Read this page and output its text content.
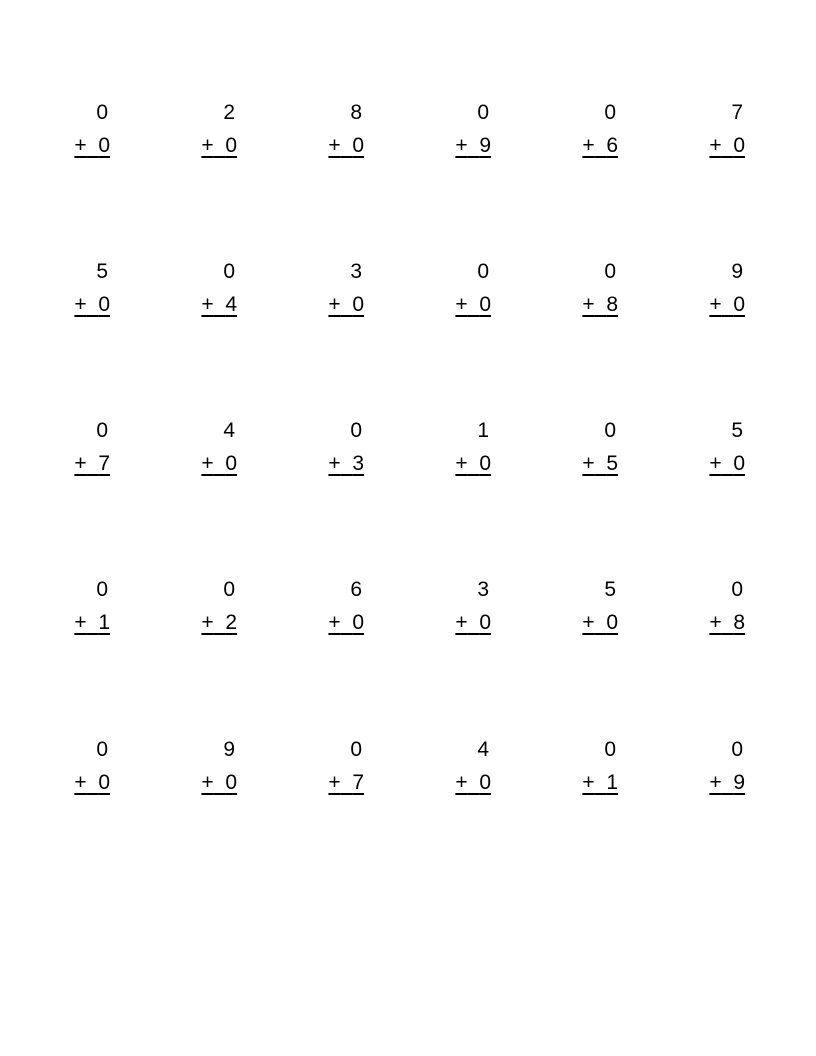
0
+ 0
2
+ 0
8
+ 0
0
+ 9
0
+ 6
7
+ 0
5
+ 0
0
+ 4
3
+ 0
0
+ 0
0
+ 8
9
+ 0
0
+ 7
4
+ 0
0
+ 3
1
+ 0
0
+ 5
5
+ 0
0
+ 1
0
+ 2
6
+ 0
3
+ 0
5
+ 0
0
+ 8
0
+ 0
9
+ 0
0
+ 7
4
+ 0
0
+ 1
0
+ 9
